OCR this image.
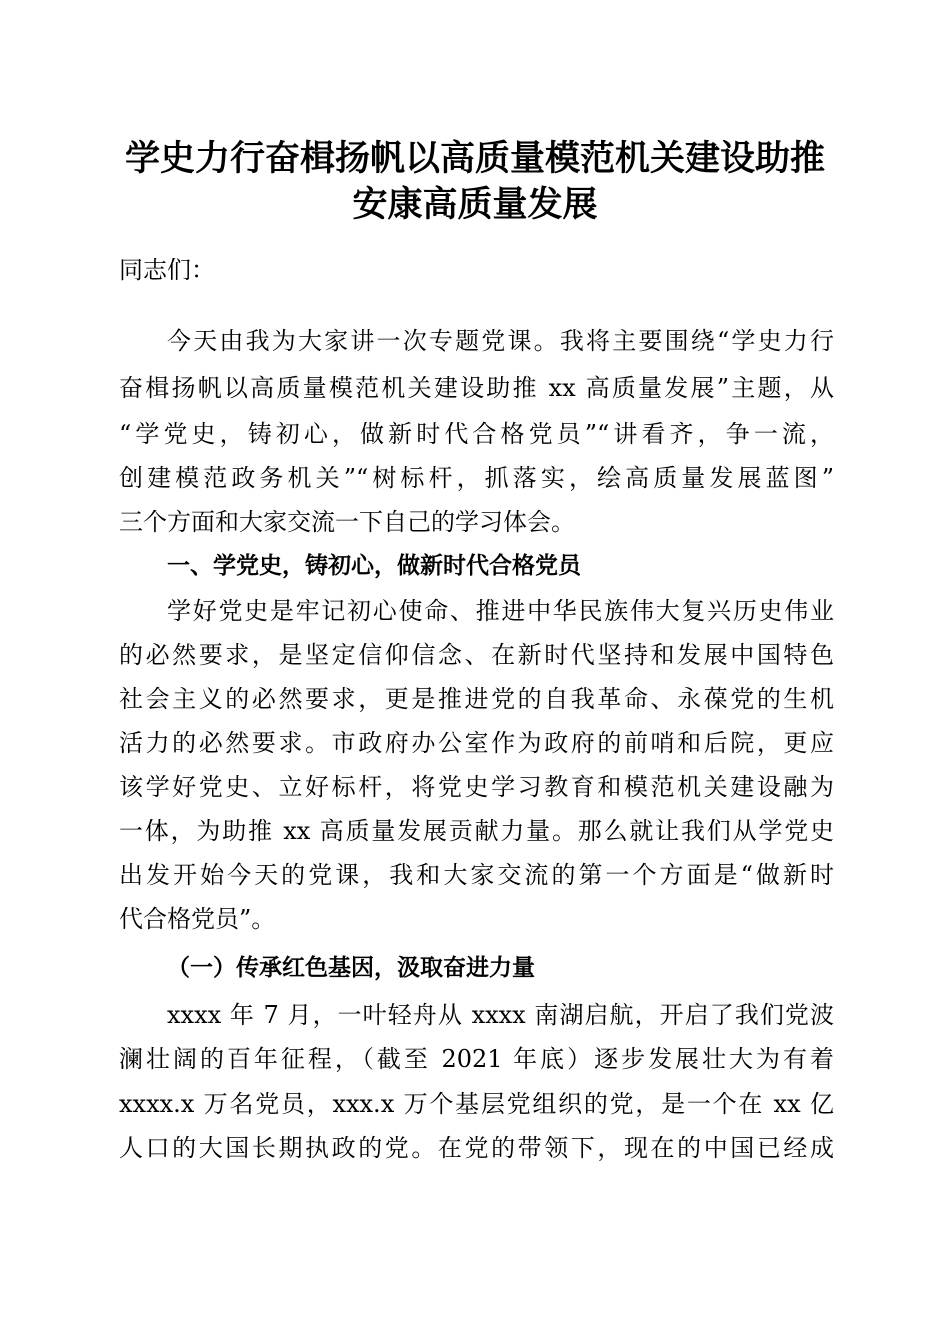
学史力行奋楫扬帆以高质量模范机关建设助推
安康高质量发展
同志们：
今天由我为大家讲一次专题党课。我将主要围绕“学史力行
奋楫扬帆以高质量模范机关建设助推 xx 高质量发展”主题，从
“学党史，铸初心，做新时代合格党员”“讲看齐，争一流，
创建模范政务机关”“树标杆，抓落实，绘高质量发展蓝图”
三个方面和大家交流一下自己的学习体会。
一、学党史，铸初心，做新时代合格党员
学好党史是牢记初心使命、推进中华民族伟大复兴历史伟业
的必然要求，是坚定信仰信念、在新时代坚持和发展中国特色
社会主义的必然要求，更是推进党的自我革命、永葆党的生机
活力的必然要求。市政府办公室作为政府的前哨和后院，更应
该学好党史、立好标杆，将党史学习教育和模范机关建设融为
一体，为助推 xx 高质量发展贡献力量。那么就让我们从学党史
出发开始今天的党课，我和大家交流的第一个方面是“做新时
代合格党员”。
（一）传承红色基因，汲取奋进力量
xxxx 年 7 月，一叶轻舟从 xxxx 南湖启航，开启了我们党波
澜壮阔的百年征程，（截至 2021 年底）逐步发展壮大为有着
xxxx.x 万名党员，xxx.x 万个基层党组织的党，是一个在 xx 亿
人口的大国长期执政的党。在党的带领下，现在的中国已经成
